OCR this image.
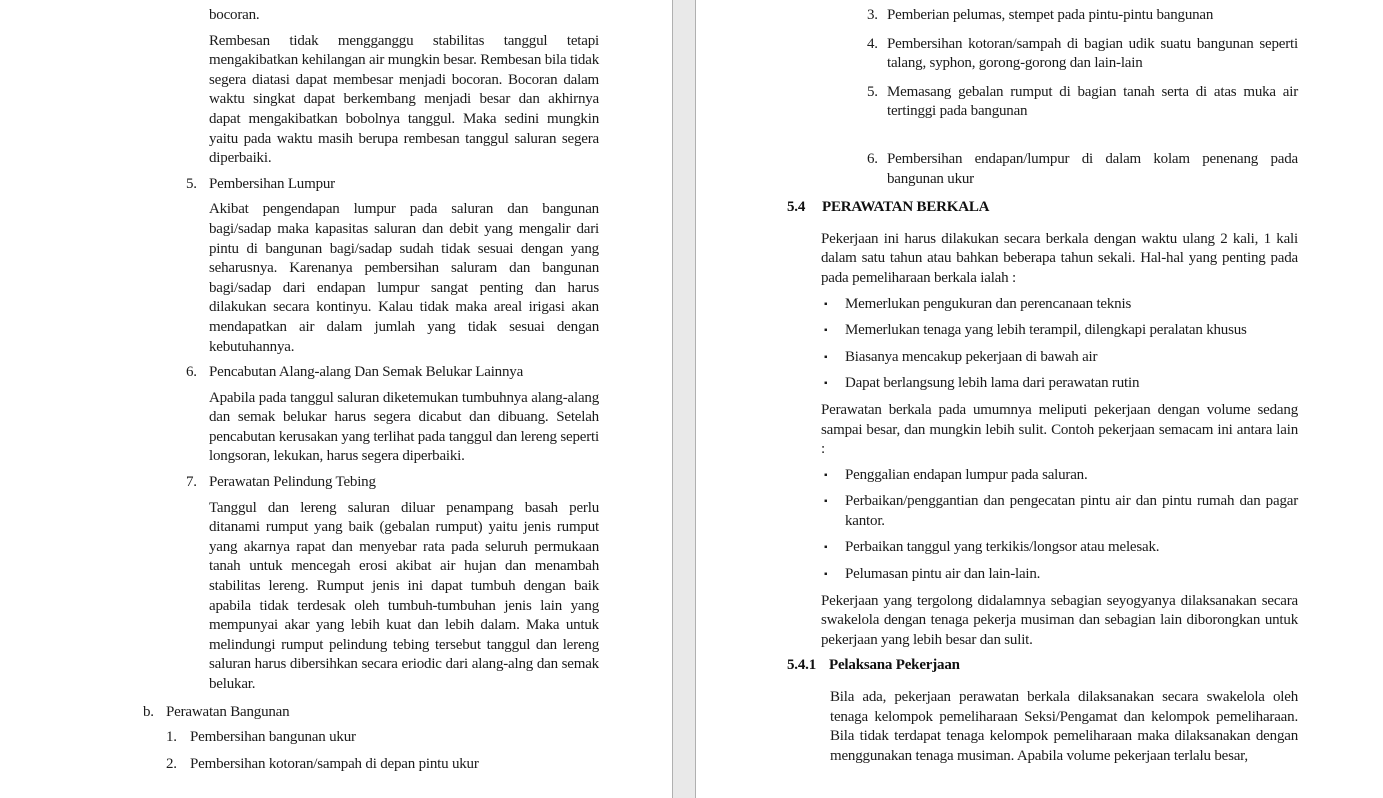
bocoran.
Rembesan tidak mengganggu stabilitas tanggul tetapi mengakibatkan kehilangan air mungkin besar. Rembesan bila tidak segera diatasi dapat membesar menjadi bocoran. Bocoran dalam waktu singkat dapat berkembang menjadi besar dan akhirnya dapat mengakibatkan bobolnya tanggul. Maka sedini mungkin yaitu pada waktu masih berupa rembesan tanggul saluran segera diperbaiki.
5. Pembersihan Lumpur
Akibat pengendapan lumpur pada saluran dan bangunan bagi/sadap maka kapasitas saluran dan debit yang mengalir dari pintu di bangunan bagi/sadap sudah tidak sesuai dengan yang seharusnya. Karenanya pembersihan saluram dan bangunan bagi/sadap dari endapan lumpur sangat penting dan harus dilakukan secara kontinyu. Kalau tidak maka areal irigasi akan mendapatkan air dalam jumlah yang tidak sesuai dengan kebutuhannya.
6. Pencabutan Alang-alang Dan Semak Belukar Lainnya
Apabila pada tanggul saluran diketemukan tumbuhnya alang-alang dan semak belukar harus segera dicabut dan dibuang. Setelah pencabutan kerusakan yang terlihat pada tanggul dan lereng seperti longsoran, lekukan, harus segera diperbaiki.
7. Perawatan Pelindung Tebing
Tanggul dan lereng saluran diluar penampang basah perlu ditanami rumput yang baik (gebalan rumput) yaitu jenis rumput yang akarnya rapat dan menyebar rata pada seluruh permukaan tanah untuk mencegah erosi akibat air hujan dan menambah stabilitas lereng. Rumput jenis ini dapat tumbuh dengan baik apabila tidak terdesak oleh tumbuh-tumbuhan jenis lain yang mempunyai akar yang lebih kuat dan lebih dalam. Maka untuk melindungi rumput pelindung tebing tersebut tanggul dan lereng saluran harus dibersihkan secara eriodic dari alang-alng dan semak belukar.
b. Perawatan Bangunan
1. Pembersihan bangunan ukur
2. Pembersihan kotoran/sampah di depan pintu ukur
3. Pemberian pelumas, stempet pada pintu-pintu bangunan
4. Pembersihan kotoran/sampah di bagian udik suatu bangunan seperti talang, syphon, gorong-gorong dan lain-lain
5. Memasang gebalan rumput di bagian tanah serta di atas muka air tertinggi pada bangunan
6. Pembersihan endapan/lumpur di dalam kolam penenang pada bangunan ukur
5.4	PERAWATAN BERKALA
Pekerjaan ini harus dilakukan secara berkala dengan waktu ulang 2 kali, 1 kali dalam satu tahun atau bahkan beberapa tahun sekali. Hal-hal yang penting pada pada pemeliharaan berkala ialah :
▪	Memerlukan pengukuran dan perencanaan teknis
▪	Memerlukan tenaga yang lebih terampil, dilengkapi peralatan khusus
▪	Biasanya mencakup pekerjaan di bawah air
▪	Dapat berlangsung lebih lama dari perawatan rutin
Perawatan berkala pada umumnya meliputi pekerjaan dengan volume sedang sampai besar, dan mungkin lebih sulit. Contoh pekerjaan semacam ini antara lain :
▪	Penggalian endapan lumpur pada saluran.
▪	Perbaikan/penggantian dan pengecatan pintu air dan pintu rumah dan pagar kantor.
▪	Perbaikan tanggul yang terkikis/longsor atau melesak.
▪	Pelumasan pintu air dan lain-lain.
Pekerjaan yang tergolong didalamnya sebagian seyogyanya dilaksanakan secara swakelola dengan tenaga pekerja musiman dan sebagian lain diborongkan untuk pekerjaan yang lebih besar dan sulit.
5.4.1 Pelaksana Pekerjaan
Bila ada, pekerjaan perawatan berkala dilaksanakan secara swakelola oleh tenaga kelompok pemeliharaan Seksi/Pengamat dan kelompok pemeliharaan. Bila tidak terdapat tenaga kelompok pemeliharaan maka dilaksanakan dengan menggunakan tenaga musiman. Apabila volume pekerjaan terlalu besar,
